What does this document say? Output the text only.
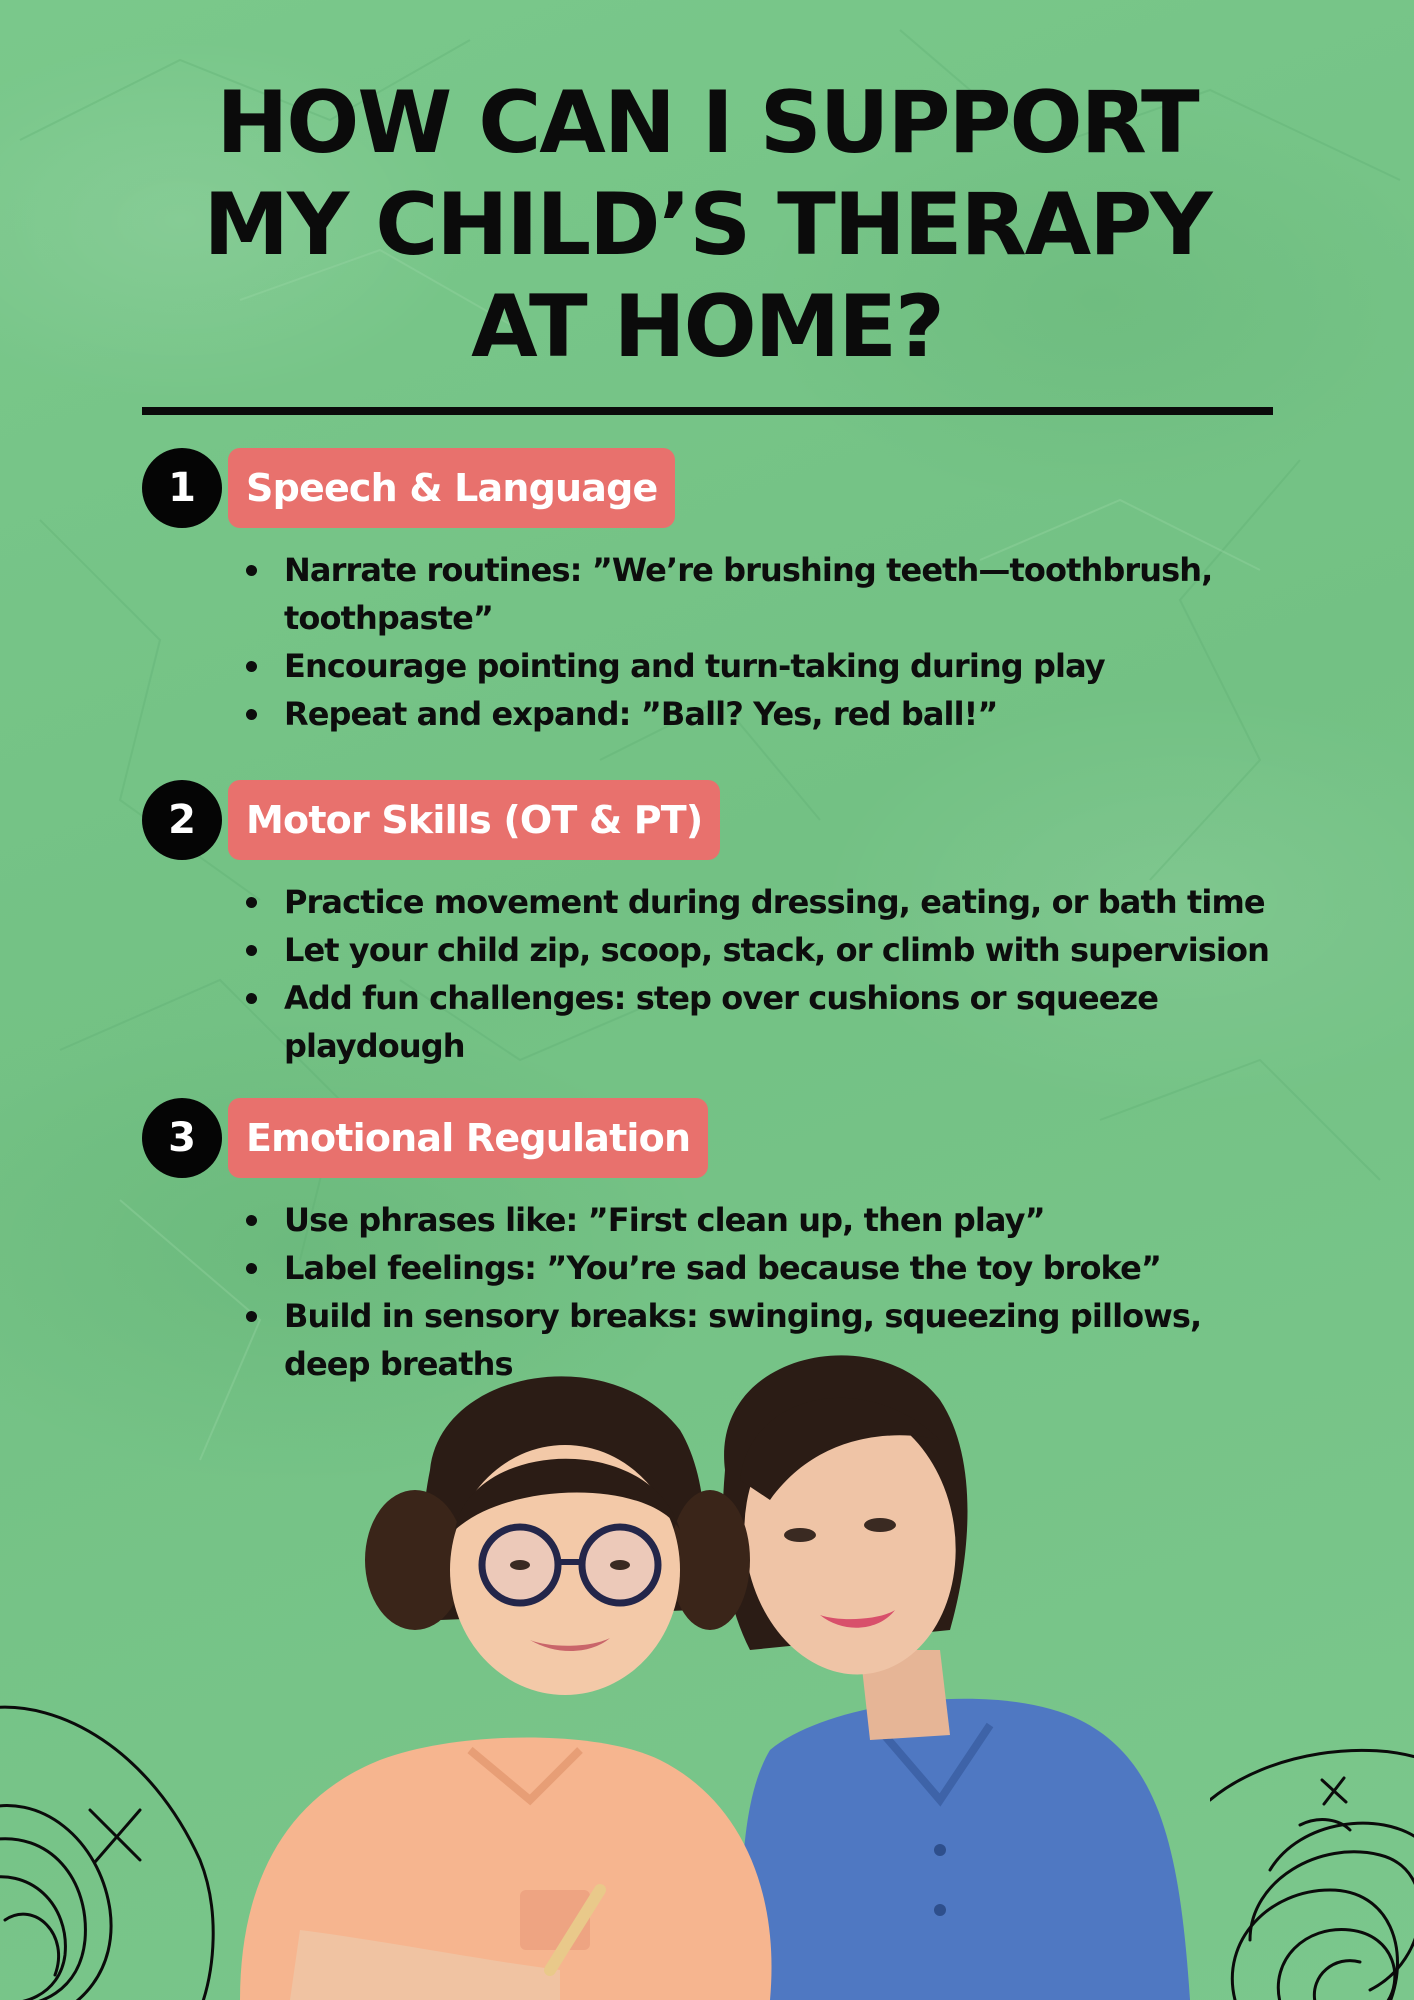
HOW CAN I SUPPORT
MY CHILD’S THERAPY
AT HOME?
1	Speech & Language
Narrate routines: ”We’re brushing teeth—toothbrush, toothpaste”
Encourage pointing and turn-taking during play
Repeat and expand: ”Ball? Yes, red ball!”
2	Motor Skills (OT & PT)
Practice movement during dressing, eating, or bath time
Let your child zip, scoop, stack, or climb with supervision
Add fun challenges: step over cushions or squeeze playdough
3	Emotional Regulation
Use phrases like: ”First clean up, then play”
Label feelings: ”You’re sad because the toy broke”
Build in sensory breaks: swinging, squeezing pillows, deep breaths
